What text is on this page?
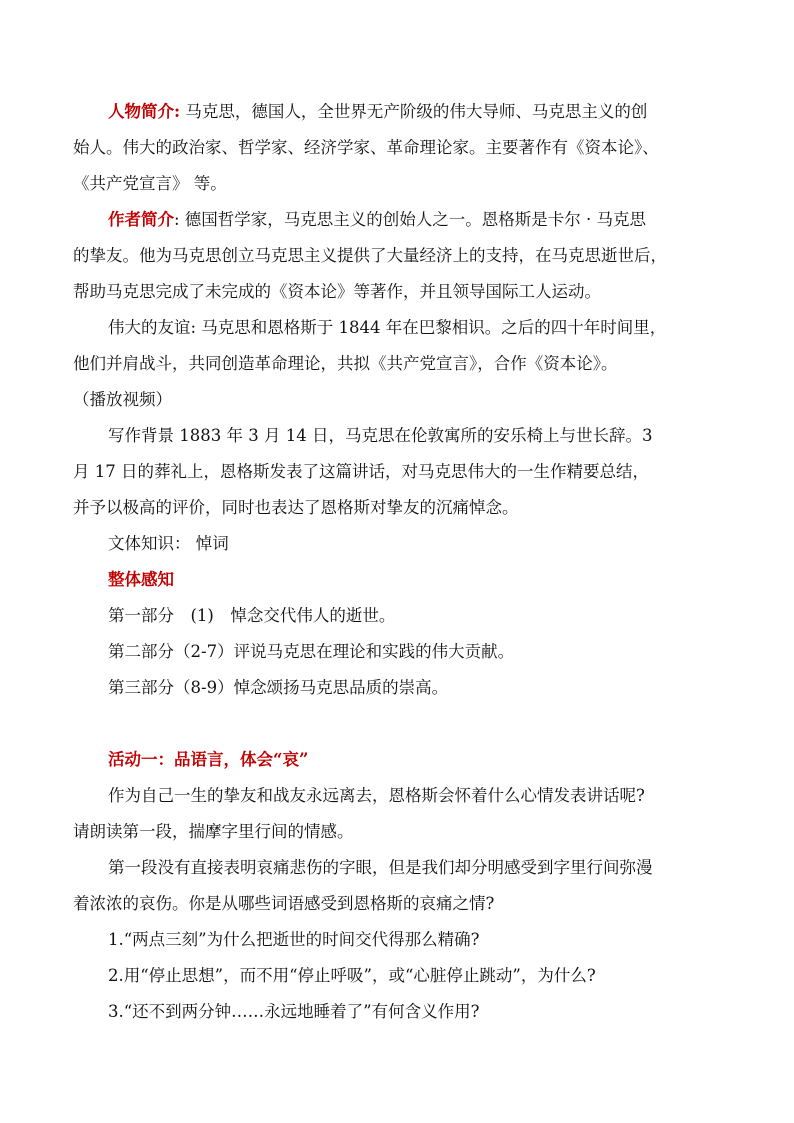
人物简介: 马克思，德国人，全世界无产阶级的伟大导师、马克思主义的创
始人。伟大的政治家、哲学家、经济学家、革命理论家。主要著作有《资本论》、
《共产党宣言》 等。
作者简介: 德国哲学家，马克思主义的创始人之一。恩格斯是卡尔 · 马克思
的挚友。他为马克思创立马克思主义提供了大量经济上的支持，在马克思逝世后，
帮助马克思完成了未完成的《资本论》等著作，并且领导国际工人运动。
伟大的友谊: 马克思和恩格斯于 1844 年在巴黎相识。之后的四十年时间里，
他们并肩战斗，共同创造革命理论，共拟《共产党宣言》，合作《资本论》。
（播放视频）
写作背景 1883 年 3 月 14 日，马克思在伦敦寓所的安乐椅上与世长辞。3
月 17 日的葬礼上，恩格斯发表了这篇讲话，对马克思伟大的一生作精要总结，
并予以极高的评价，同时也表达了恩格斯对挚友的沉痛悼念。
文体知识： 悼词
整体感知
第一部分　(1)　悼念交代伟人的逝世。
第二部分（2-7）评说马克思在理论和实践的伟大贡献。
第三部分（8-9）悼念颂扬马克思品质的崇高。
活动一：品语言，体会“哀”
作为自己一生的挚友和战友永远离去，恩格斯会怀着什么心情发表讲话呢?
请朗读第一段，揣摩字里行间的情感。
第一段没有直接表明哀痛悲伤的字眼，但是我们却分明感受到字里行间弥漫
着浓浓的哀伤。你是从哪些词语感受到恩格斯的哀痛之情?
1.“两点三刻”为什么把逝世的时间交代得那么精确?
2.用“停止思想”，而不用“停止呼吸”，或“心脏停止跳动”，为什么?
3.“还不到两分钟……永远地睡着了”有何含义作用?
